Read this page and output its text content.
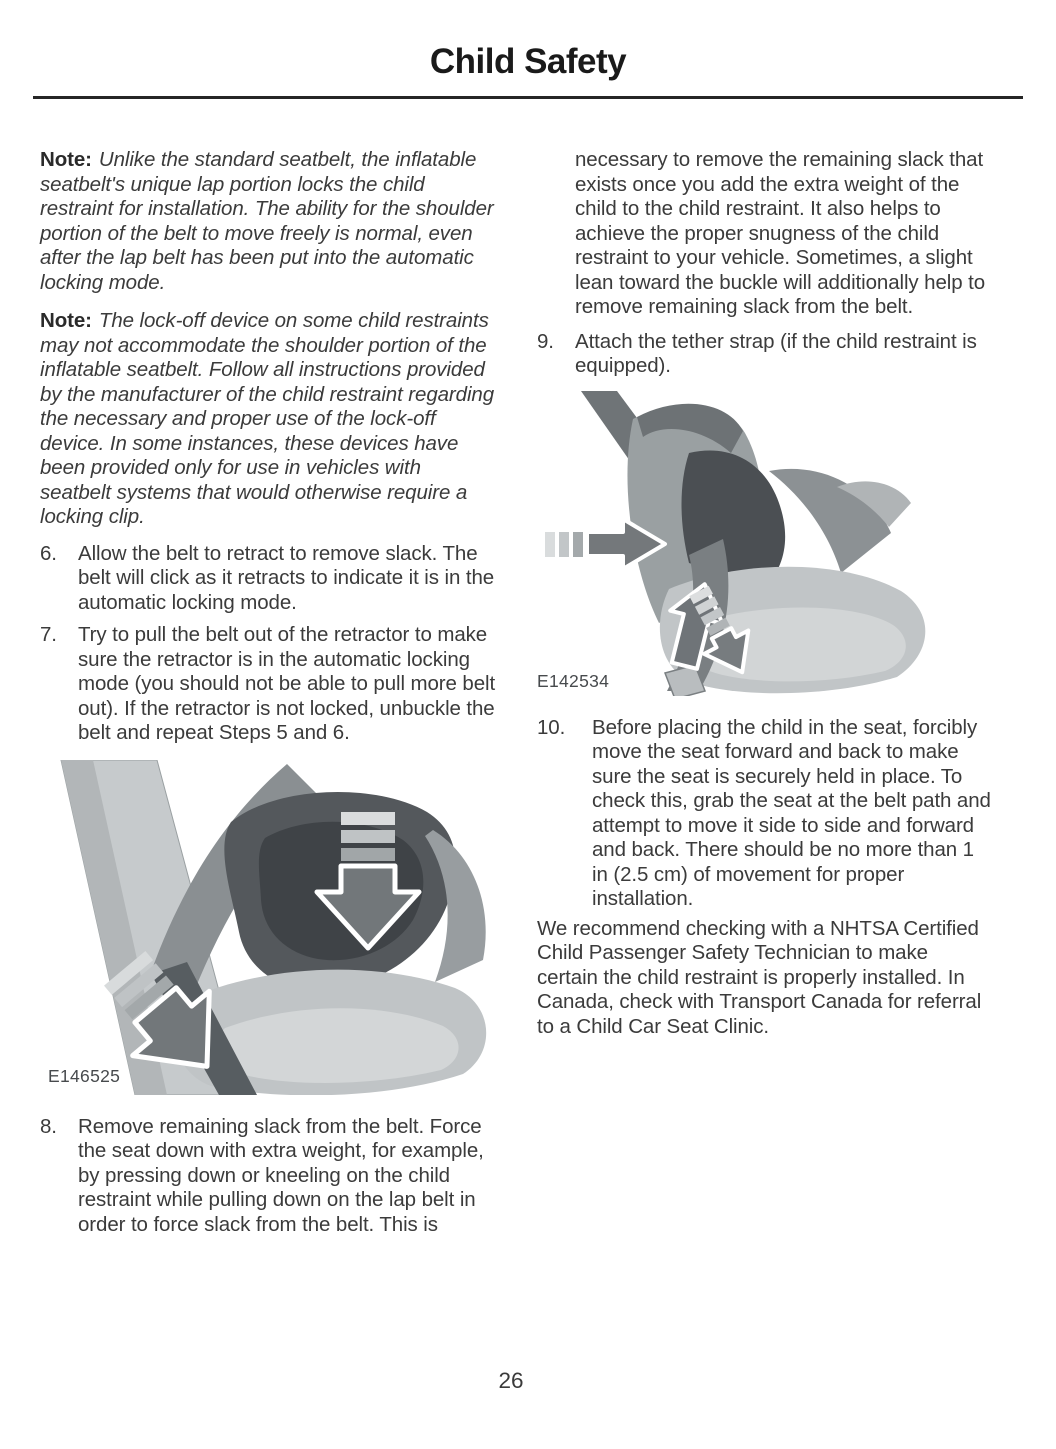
Child Safety

Note: Unlike the standard seatbelt, the inflatable seatbelt's unique lap portion locks the child restraint for installation. The ability for the shoulder portion of the belt to move freely is normal, even after the lap belt has been put into the automatic locking mode.

Note: The lock-off device on some child restraints may not accommodate the shoulder portion of the inflatable seatbelt. Follow all instructions provided by the manufacturer of the child restraint regarding the necessary and proper use of the lock-off device. In some instances, these devices have been provided only for use in vehicles with seatbelt systems that would otherwise require a locking clip.

6. Allow the belt to retract to remove slack. The belt will click as it retracts to indicate it is in the automatic locking mode.
7. Try to pull the belt out of the retractor to make sure the retractor is in the automatic locking mode (you should not be able to pull more belt out). If the retractor is not locked, unbuckle the belt and repeat Steps 5 and 6.
E146525
8. Remove remaining slack from the belt. Force the seat down with extra weight, for example, by pressing down or kneeling on the child restraint while pulling down on the lap belt in order to force slack from the belt. This is

necessary to remove the remaining slack that exists once you add the extra weight of the child to the child restraint. It also helps to achieve the proper snugness of the child restraint to your vehicle. Sometimes, a slight lean toward the buckle will additionally help to remove remaining slack from the belt.

9. Attach the tether strap (if the child restraint is equipped).
E142534
10. Before placing the child in the seat, forcibly move the seat forward and back to make sure the seat is securely held in place. To check this, grab the seat at the belt path and attempt to move it side to side and forward and back. There should be no more than 1 in (2.5 cm) of movement for proper installation.

We recommend checking with a NHTSA Certified Child Passenger Safety Technician to make certain the child restraint is properly installed. In Canada, check with Transport Canada for referral to a Child Car Seat Clinic.

26
